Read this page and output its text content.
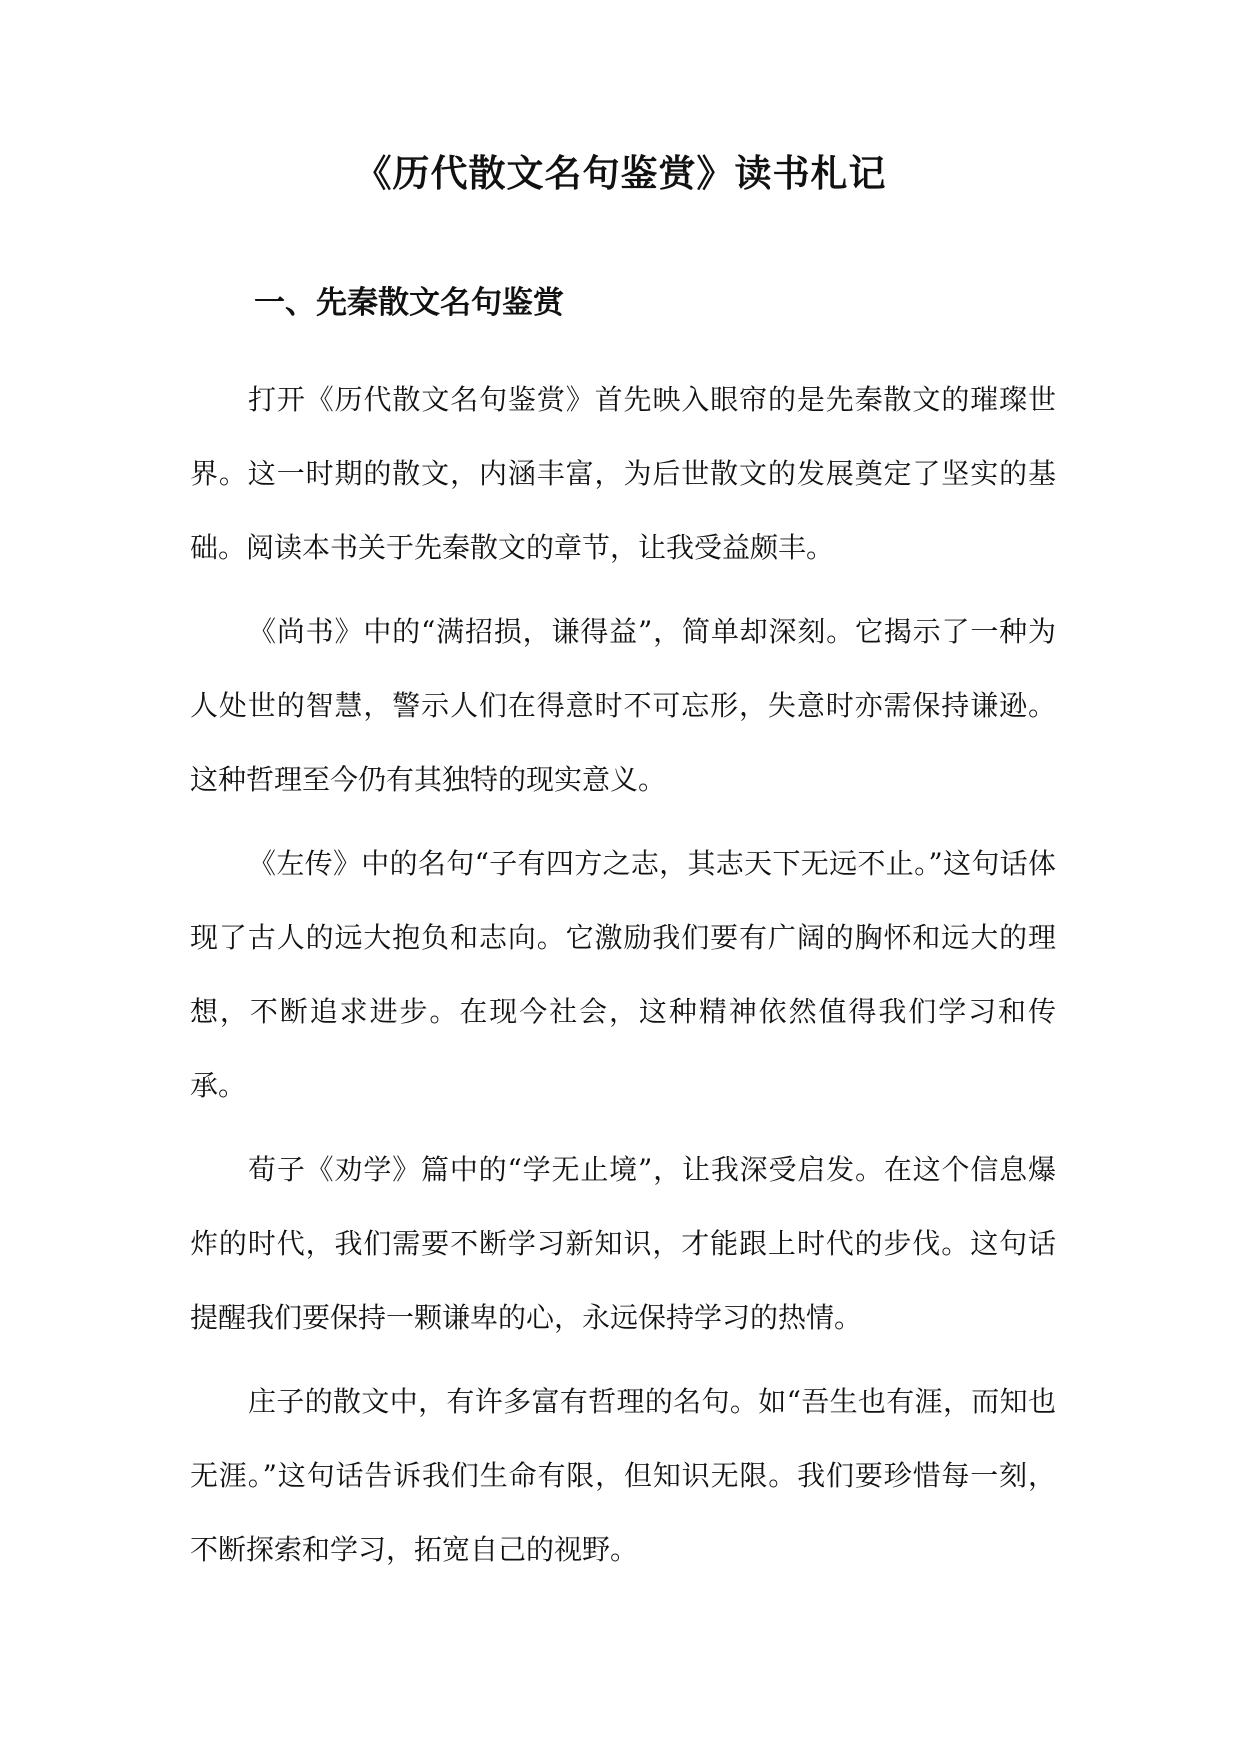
《历代散文名句鉴赏》读书札记
一、先秦散文名句鉴赏

打开《历代散文名句鉴赏》首先映入眼帘的是先秦散文的璀璨世界。这一时期的散文，内涵丰富，为后世散文的发展奠定了坚实的基础。阅读本书关于先秦散文的章节，让我受益颇丰。

《尚书》中的“满招损，谦得益”，简单却深刻。它揭示了一种为人处世的智慧，警示人们在得意时不可忘形，失意时亦需保持谦逊。这种哲理至今仍有其独特的现实意义。

《左传》中的名句“子有四方之志，其志天下无远不止。”这句话体现了古人的远大抱负和志向。它激励我们要有广阔的胸怀和远大的理想，不断追求进步。在现今社会，这种精神依然值得我们学习和传承。

荀子《劝学》篇中的“学无止境”，让我深受启发。在这个信息爆炸的时代，我们需要不断学习新知识，才能跟上时代的步伐。这句话提醒我们要保持一颗谦卑的心，永远保持学习的热情。

庄子的散文中，有许多富有哲理的名句。如“吾生也有涯，而知也无涯。”这句话告诉我们生命有限，但知识无限。我们要珍惜每一刻，不断探索和学习，拓宽自己的视野。
